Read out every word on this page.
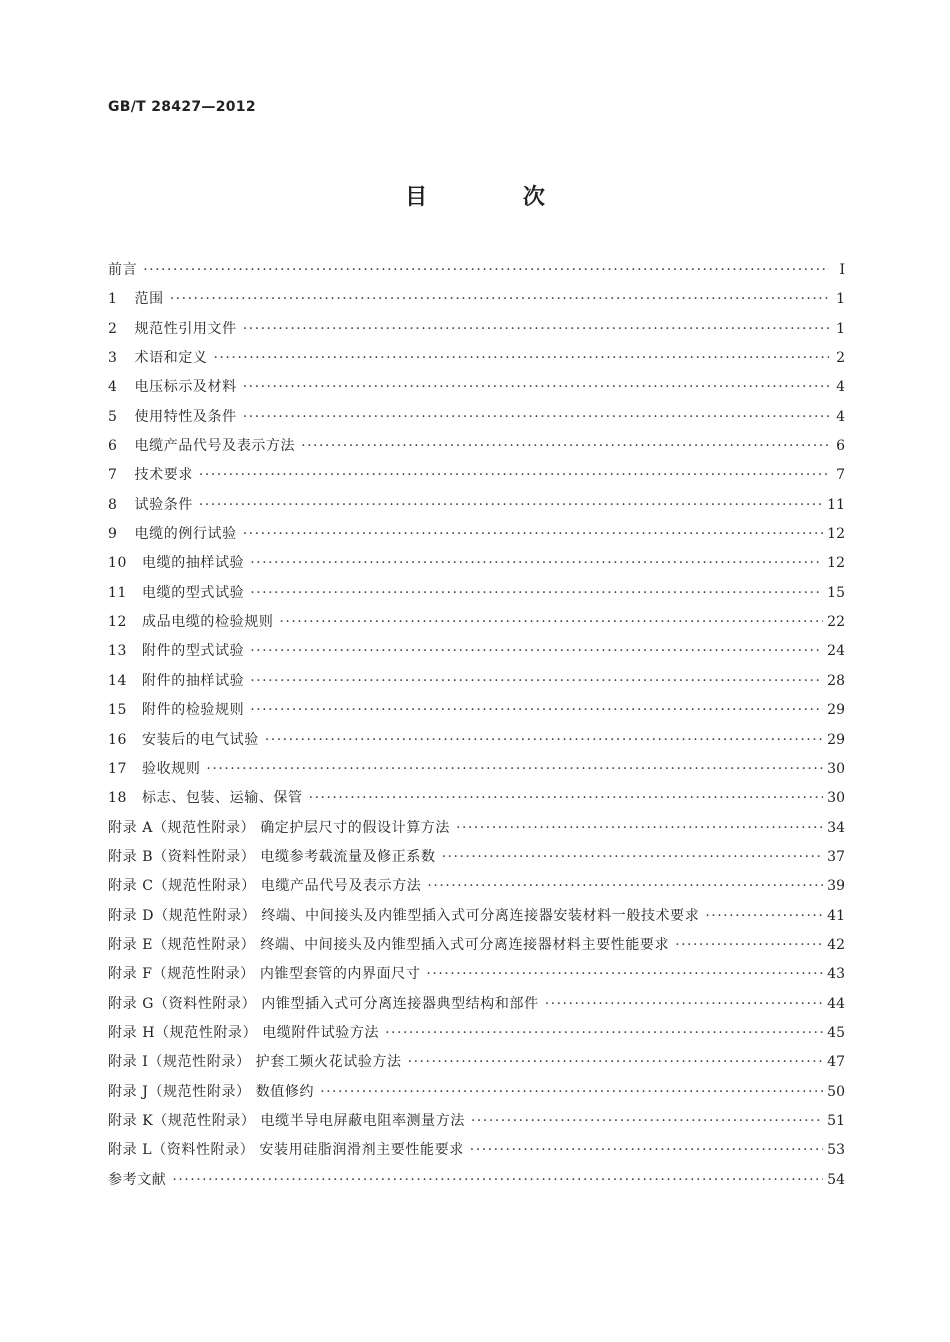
GB/T 28427—2012

目 次
前言 ·····	Ⅰ
1 范围 ·····	1
2 规范性引用文件 ·····	1
3 术语和定义 ·····	2
4 电压标示及材料 ·····	4
5 使用特性及条件 ·····	4
6 电缆产品代号及表示方法 ·····	6
7 技术要求 ·····	7
8 试验条件 ·····	11
9 电缆的例行试验 ·····	12
10 电缆的抽样试验 ·····	12
11 电缆的型式试验 ·····	15
12 成品电缆的检验规则 ·····	22
13 附件的型式试验 ·····	24
14 附件的抽样试验 ·····	28
15 附件的检验规则 ·····	29
16 安装后的电气试验 ·····	29
17 验收规则 ·····	30
18 标志、包装、运输、保管 ·····	30
附录 A（规范性附录） 确定护层尺寸的假设计算方法 ·····	34
附录 B（资料性附录） 电缆参考载流量及修正系数 ·····	37
附录 C（规范性附录） 电缆产品代号及表示方法 ·····	39
附录 D（规范性附录） 终端、中间接头及内锥型插入式可分离连接器安装材料一般技术要求 ·····	41
附录 E（规范性附录） 终端、中间接头及内锥型插入式可分离连接器材料主要性能要求 ·····	42
附录 F（规范性附录） 内锥型套管的内界面尺寸 ·····	43
附录 G（资料性附录） 内锥型插入式可分离连接器典型结构和部件 ·····	44
附录 H（规范性附录） 电缆附件试验方法 ·····	45
附录 I（规范性附录） 护套工频火花试验方法 ·····	47
附录 J（规范性附录） 数值修约 ·····	50
附录 K（规范性附录） 电缆半导电屏蔽电阻率测量方法 ·····	51
附录 L（资料性附录） 安装用硅脂润滑剂主要性能要求 ·····	53
参考文献 ·····	54
